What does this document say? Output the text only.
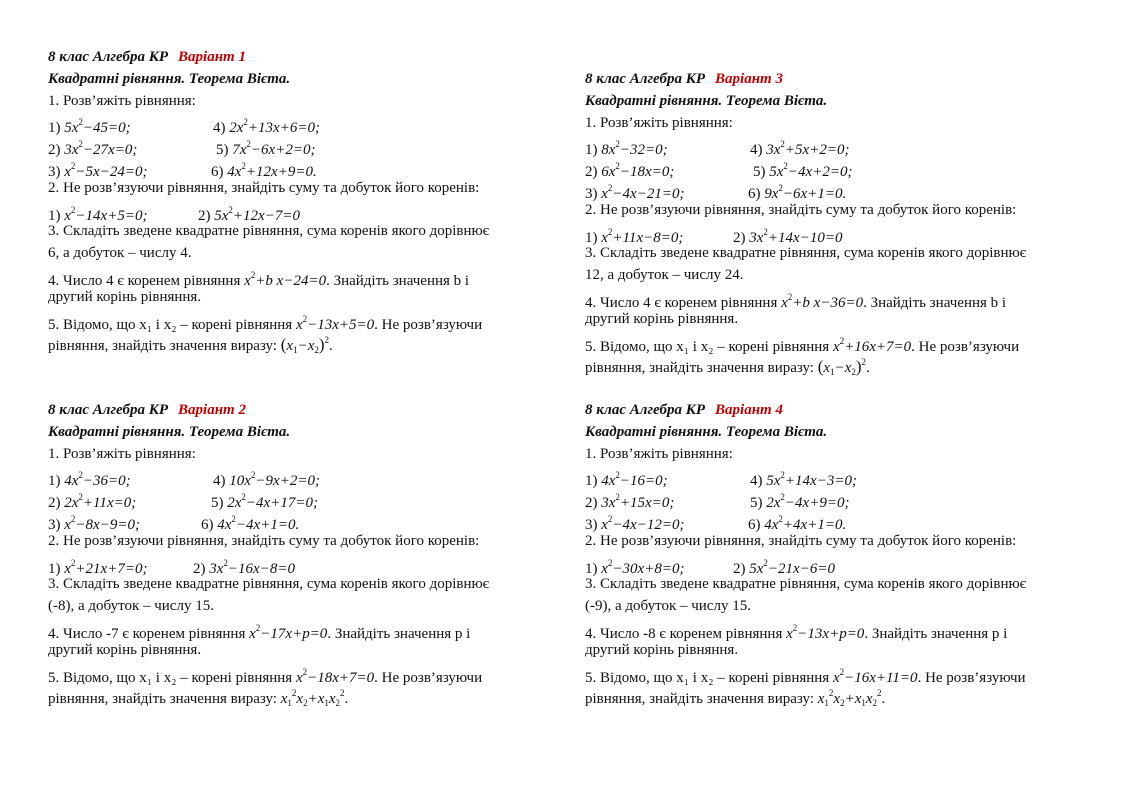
8 клас Алгебра КР Варіант 1
Квадратні рівняння. Теорема Вієта.
1. Розв’яжіть рівняння:
1) $5x^2-45=0$;	4) $2x^2+13x+6=0$;
2) $3x^2-27x=0$;	5) $7x^2-6x+2=0$;
3) $x^2-5x-24=0$;	6) $4x^2+12x+9=0$.
2. Не розв’язуючи рівняння, знайдіть суму та добуток його коренів:
1) $x^2-14x+5=0$;	2) $5x^2+12x-7=0$
3. Складіть зведене квадратне рівняння, сума коренів якого дорівнює
6, а добуток – числу 4.
4. Число 4 є коренем рівняння $x^2+b$ x−24=0. Знайдіть значення b і
другий корінь рівняння.
5. Відомо, що x₁ і x₂ – корені рівняння $x^2-13x+5=0$. Не розв’язуючи
рівняння, знайдіть значення виразу: $(x_1-x_2)^2$.
8 клас Алгебра КР Варіант 3
Квадратні рівняння. Теорема Вієта.
1. Розв’яжіть рівняння:
1) $8x^2-32=0$;	4) $3x^2+5x+2=0$;
2) $6x^2-18x=0$;	5) $5x^2-4x+2=0$;
3) $x^2-4x-21=0$;	6) $9x^2-6x+1=0$.
2. Не розв’язуючи рівняння, знайдіть суму та добуток його коренів:
1) $x^2+11x-8=0$;	2) $3x^2+14x-10=0$
3. Складіть зведене квадратне рівняння, сума коренів якого дорівнює
12, а добуток – числу 24.
4. Число 4 є коренем рівняння $x^2+b$ x−36=0. Знайдіть значення b і
другий корінь рівняння.
5. Відомо, що x₁ і x₂ – корені рівняння $x^2+16x+7=0$. Не розв’язуючи
рівняння, знайдіть значення виразу: $(x_1-x_2)^2$.
8 клас Алгебра КР Варіант 2
Квадратні рівняння. Теорема Вієта.
1. Розв’яжіть рівняння:
1) $4x^2-36=0$;	4) $10x^2-9x+2=0$;
2) $2x^2+11x=0$;	5) $2x^2-4x+17=0$;
3) $x^2-8x-9=0$;	6) $4x^2-4x+1=0$.
2. Не розв’язуючи рівняння, знайдіть суму та добуток його коренів:
1) $x^2+21x+7=0$;	2) $3x^2-16x-8=0$
3. Складіть зведене квадратне рівняння, сума коренів якого дорівнює
(-8), а добуток – числу 15.
4. Число -7 є коренем рівняння $x^2-17x+p=0$. Знайдіть значення p і
другий корінь рівняння.
5. Відомо, що x₁ і x₂ – корені рівняння $x^2-18x+7=0$. Не розв’язуючи
рівняння, знайдіть значення виразу: $x_1^2x_2+x_1x_2^2$.
8 клас Алгебра КР Варіант 4
Квадратні рівняння. Теорема Вієта.
1. Розв’яжіть рівняння:
1) $4x^2-16=0$;	4) $5x^2+14x-3=0$;
2) $3x^2+15x=0$;	5) $2x^2-4x+9=0$;
3) $x^2-4x-12=0$;	6) $4x^2+4x+1=0$.
2. Не розв’язуючи рівняння, знайдіть суму та добуток його коренів:
1) $x^2-30x+8=0$;	2) $5x^2-21x-6=0$
3. Складіть зведене квадратне рівняння, сума коренів якого дорівнює
(-9), а добуток – числу 15.
4. Число -8 є коренем рівняння $x^2-13x+p=0$. Знайдіть значення p і
другий корінь рівняння.
5. Відомо, що x₁ і x₂ – корені рівняння $x^2-16x+11=0$. Не розв’язуючи
рівняння, знайдіть значення виразу: $x_1^2x_2+x_1x_2^2$.
